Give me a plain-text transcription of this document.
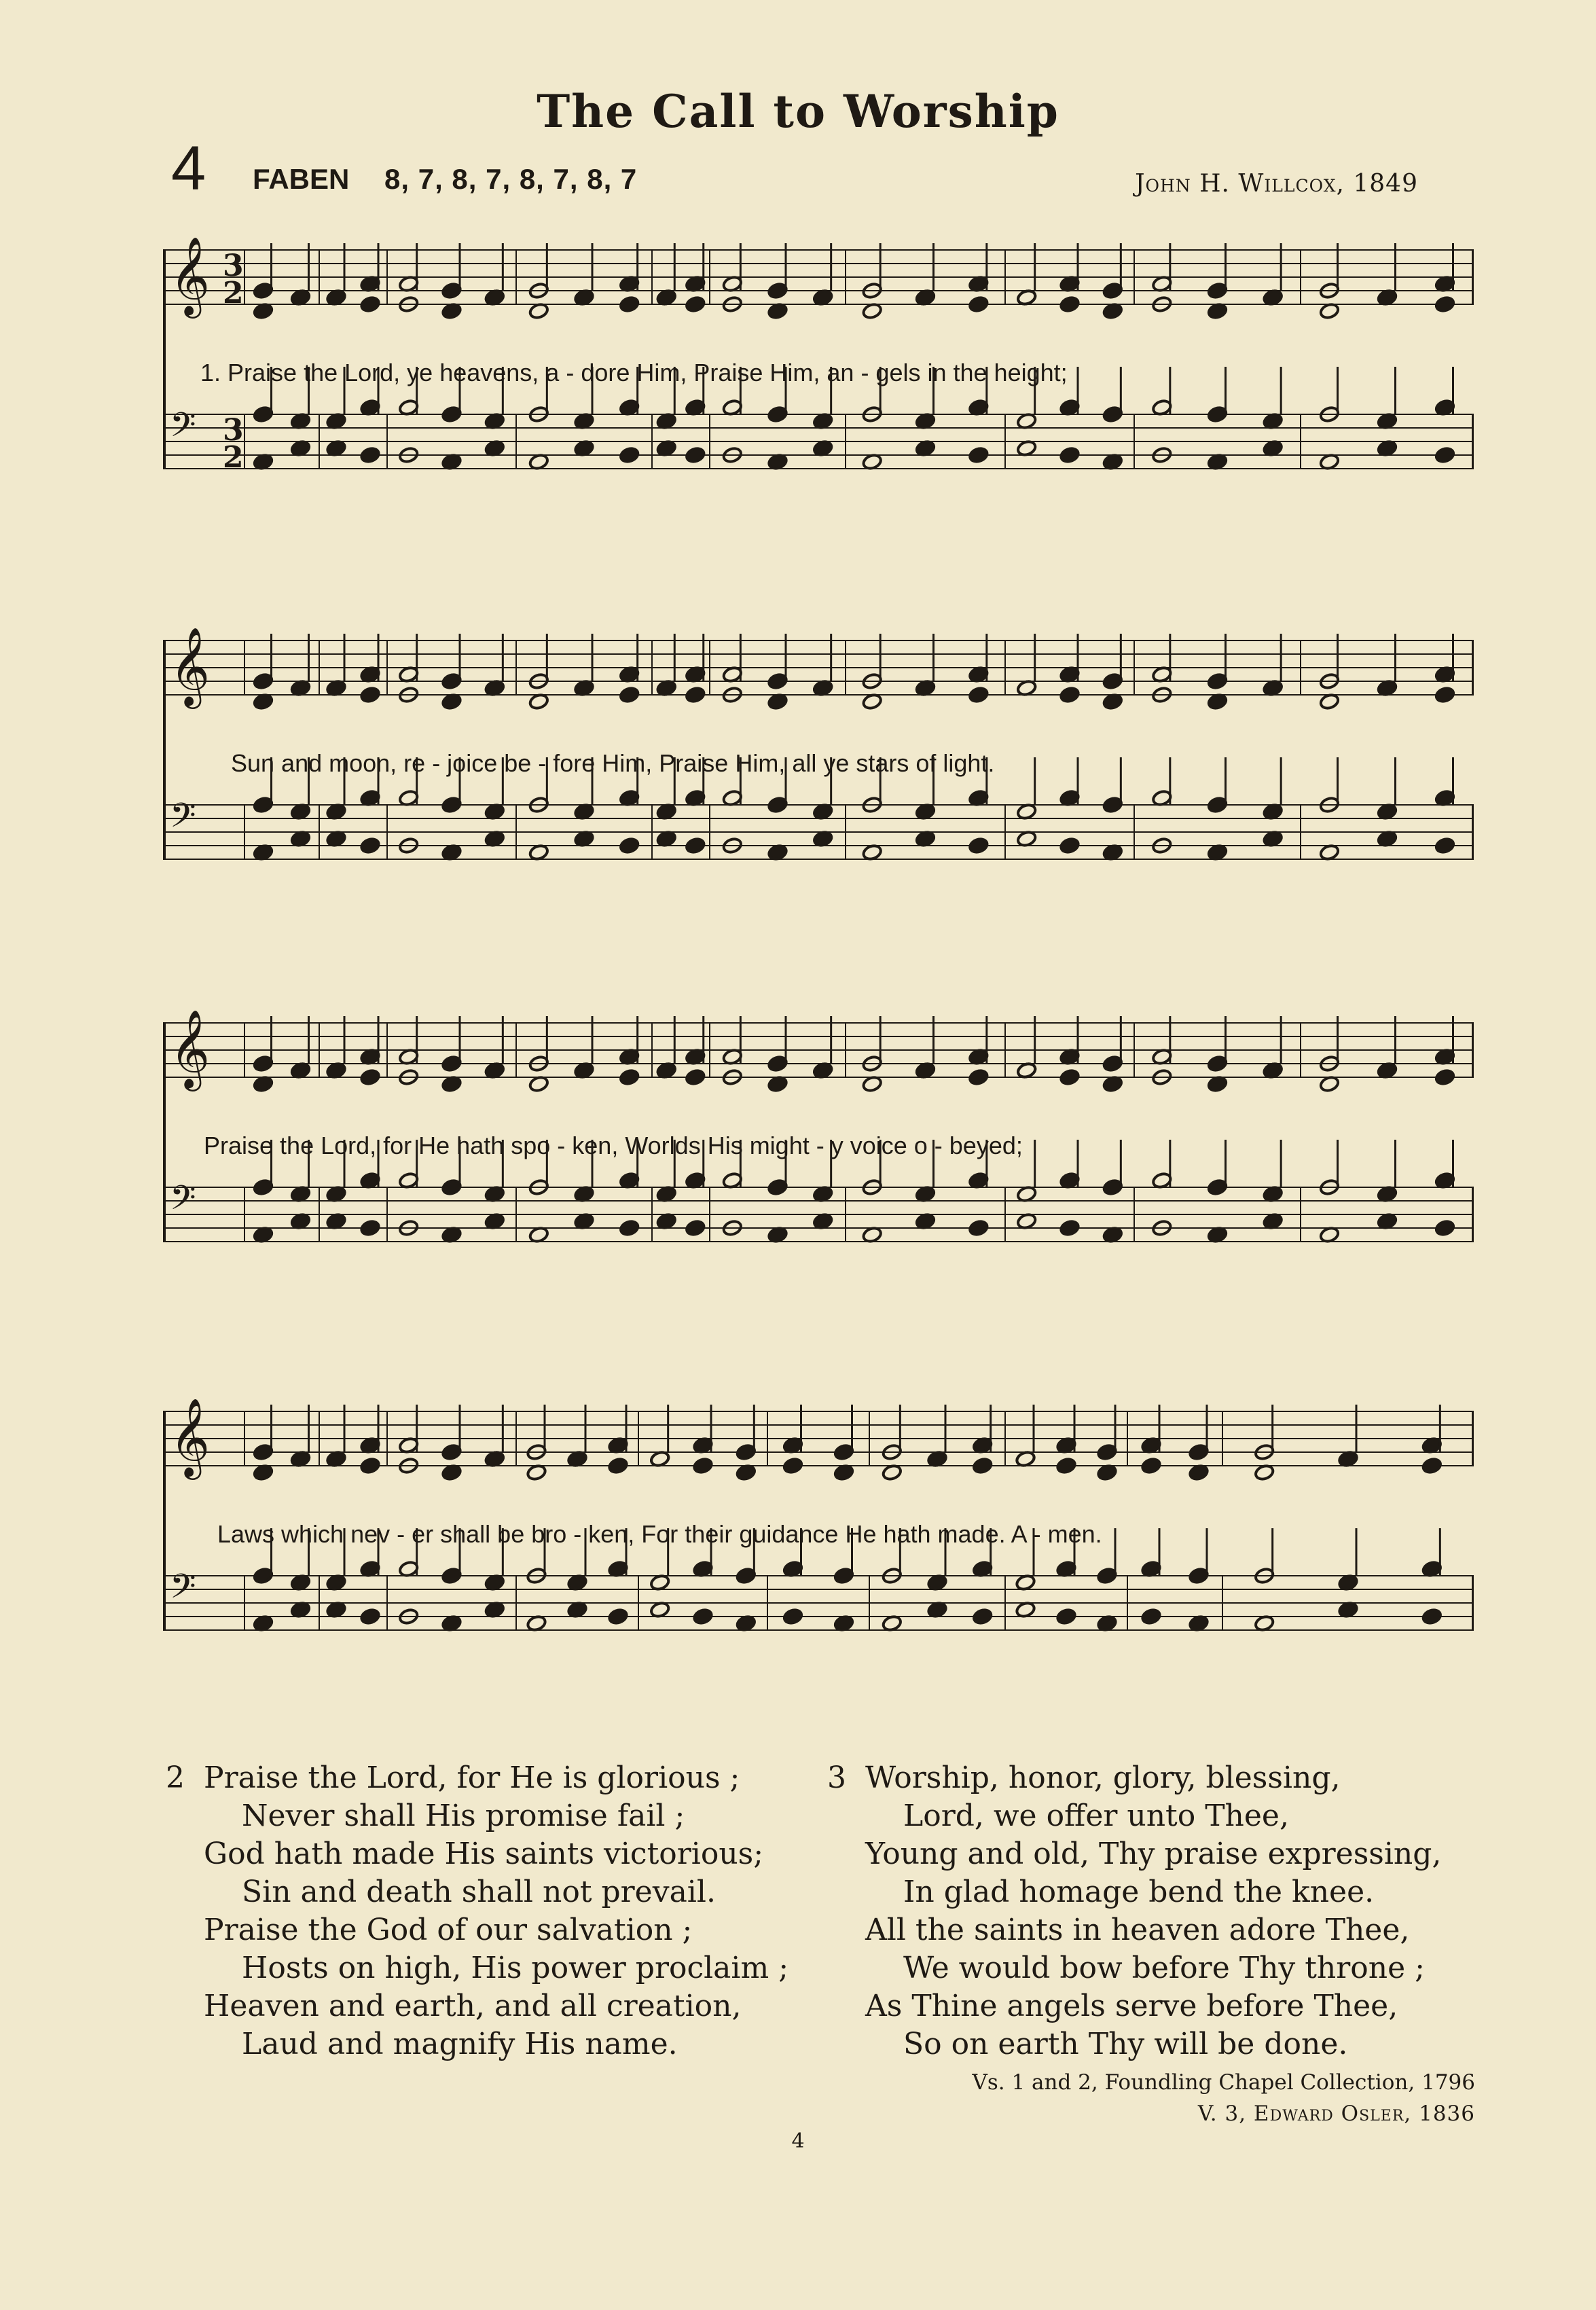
The Call to Worship
4 FABEN 8, 7, 8, 7, 8, 7, 8, 7	John H. Willcox, 1849
𝄞
𝄢
3
2
3
2
1. Praise the Lord, ye heavens, a - dore Him, Praise Him, an - gels in the height;
𝄞
𝄢
Sun and moon, re - joice be - fore Him, Praise Him, all ye stars of light.
𝄞
𝄢
Praise the Lord, for He hath spo - ken, Worlds His might - y voice o - beyed;
𝄞
𝄢
Laws which nev - er shall be bro - ken, For their guidance He hath made. A - men.
2 Praise the Lord, for He is glorious ;
Never shall His promise fail ;
God hath made His saints victorious;
Sin and death shall not prevail.
Praise the God of our salvation ;
Hosts on high, His power proclaim ;
Heaven and earth, and all creation,
Laud and magnify His name.
3 Worship, honor, glory, blessing,
Lord, we offer unto Thee,
Young and old, Thy praise expressing,
In glad homage bend the knee.
All the saints in heaven adore Thee,
We would bow before Thy throne ;
As Thine angels serve before Thee,
So on earth Thy will be done.
Vs. 1 and 2, Foundling Chapel Collection, 1796
V. 3, Edward Osler, 1836
4
